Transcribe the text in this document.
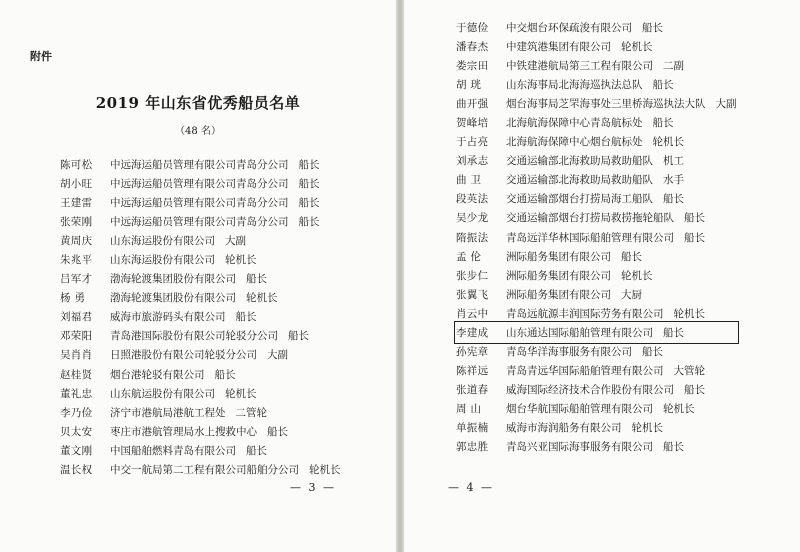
附件
2019 年山东省优秀船员名单
（48 名）
陈可松	中远海运船员管理有限公司青岛分公司 船长
胡小旺	中远海运船员管理有限公司青岛分公司 船长
王建雷	中远海运船员管理有限公司青岛分公司 船长
张荣刚	中远海运船员管理有限公司青岛分公司 船长
黄周庆	山东海运股份有限公司 大副
朱兆平	山东海运股份有限公司 轮机长
吕军才	渤海轮渡集团股份有限公司 船长
杨 勇	渤海轮渡集团股份有限公司 轮机长
刘福君	威海市旅游码头有限公司 船长
邓荣阳	青岛港国际股份有限公司轮驳分公司 船长
吴肖肖	日照港股份有限公司轮驳分公司 大副
赵桂贤	烟台港轮驳有限公司 船长
董礼忠	山东航运股份有限公司 轮机长
李乃俭	济宁市港航局港航工程处 二管轮
贝太安	枣庄市港航管理局水上搜救中心 船长
董文刚	中国船舶燃料青岛有限公司 船长
温长权	中交一航局第二工程有限公司船舶分公司 轮机长
— 3 —	— 4 —
于德俭	中交烟台环保疏浚有限公司 船长
潘春杰	中建筑港集团有限公司 轮机长
娄宗田	中铁建港航局第三工程有限公司 二副
胡 珖	山东海事局北海海巡执法总队 船长
曲开强	烟台海事局芝罘海事处三里桥海巡执法大队 大副
贺峰培	北海航海保障中心青岛航标处 船长
于占亮	北海航海保障中心烟台航标处 轮机长
刘承志	交通运输部北海救助局救助船队 机工
曲 卫	交通运输部北海救助局救助船队 水手
段英法	交通运输部烟台打捞局海工船队 船长
吴少龙	交通运输部烟台打捞局救捞拖轮船队 船长
隋振法	青岛远洋华林国际船舶管理有限公司 船长
孟 伦	洲际船务集团有限公司 船长
张步仁	洲际船务集团有限公司 轮机长
张翼飞	洲际船务集团有限公司 大厨
肖云中	青岛远航源丰润国际劳务有限公司 轮机长
李建成	山东通达国际船舶管理有限公司 船长
孙宪章	青岛华洋海事服务有限公司 船长
陈祥远	青岛青远华国际船舶管理有限公司 大管轮
张道春	威海国际经济技术合作股份有限公司 船长
周 山	烟台华航国际船舶管理有限公司 轮机长
单振楠	威海市海润船务有限公司 轮机长
郭忠胜	青岛兴亚国际海事服务有限公司 船长
